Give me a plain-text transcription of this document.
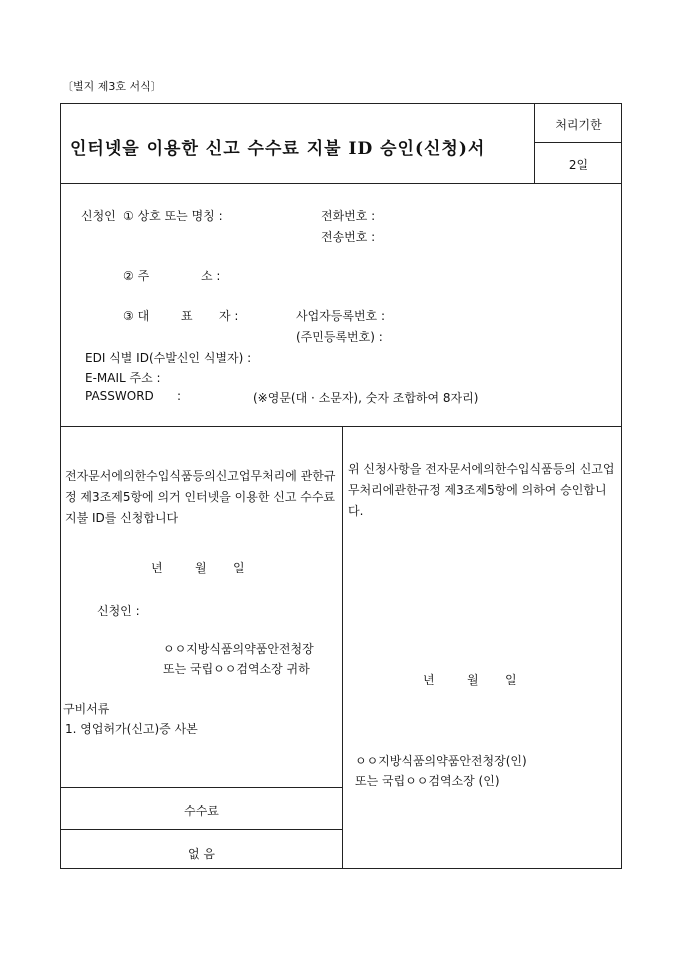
〔별지 제3호 서식〕
인터넷을 이용한 신고 수수료 지불 ID 승인(신청)서
처리기한
2일
신청인 ① 상호 또는 명칭 :	전화번호 :
전송번호 :
② 주	소 :
③ 대	표 자 :	사업자등록번호 :
(주민등록번호) :
EDI 식별 ID(수발신인 식별자) :
E-MAIL 주소 :
PASSWORD :	(※영문(대 · 소문자), 숫자 조합하여 8자리)
전자문서에의한수입식품등의신고업무처리에 관한규정 제3조제5항에 의거 인터넷을 이용한 신고 수수료 지불 ID를 신청합니다
년	월 일
신청인 :
ㅇㅇ지방식품의약품안전청장
또는 국립ㅇㅇ검역소장 귀하
구비서류
1. 영업허가(신고)증 사본
수수료
없 음
위 신청사항을 전자문서에의한수입식품등의 신고업무처리에관한규정 제3조제5항에 의하여 승인합니다.
년	월 일
ㅇㅇ지방식품의약품안전청장(인)
또는 국립ㅇㅇ검역소장 (인)
